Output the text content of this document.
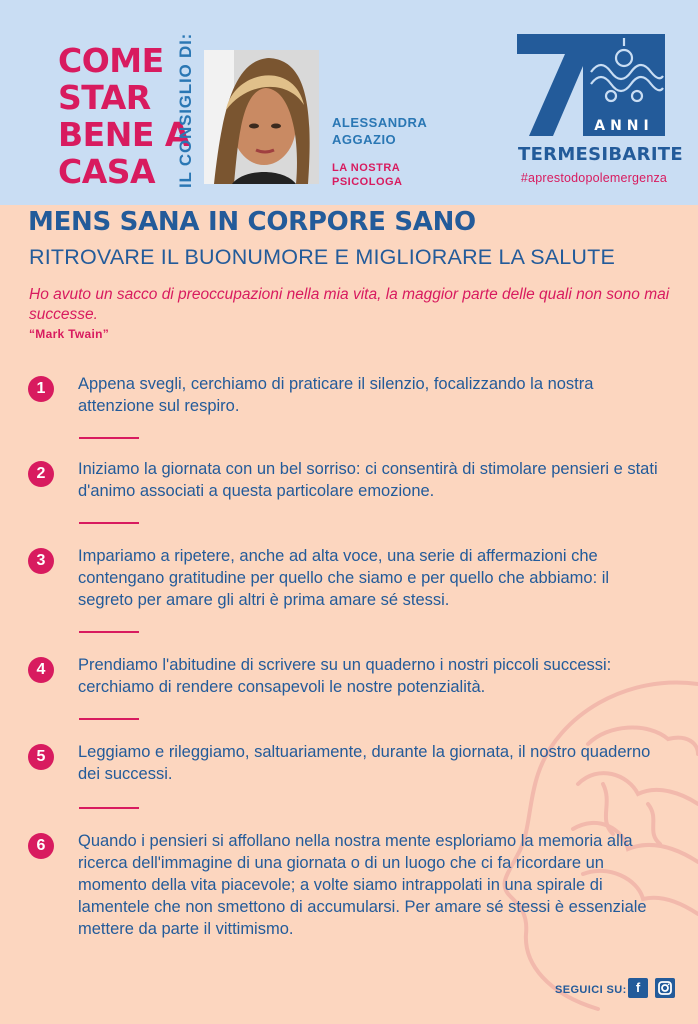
COME
STAR
BENE A
CASA	IL CONSIGLIO DI:	ALESSANDRA
AGGAZIO
LA NOSTRA
PSICOLOGA
ANNI
TERMESIBARITE
#aprestodopolemergenza
MENS SANA IN CORPORE SANO
RITROVARE IL BUONUMORE E MIGLIORARE LA SALUTE
Ho avuto un sacco di preoccupazioni nella mia vita, la maggior parte delle quali non sono mai successe.
“Mark Twain”
1	Appena svegli, cerchiamo di praticare il silenzio, focalizzando la nostra attenzione sul respiro.
2	Iniziamo la giornata con un bel sorriso: ci consentirà di stimolare pensieri e stati d'animo associati a questa particolare emozione.
3	Impariamo a ripetere, anche ad alta voce, una serie di affermazioni che contengano gratitudine per quello che siamo e per quello che abbiamo: il segreto per amare gli altri è prima amare sé stessi.
4	Prendiamo l'abitudine di scrivere su un quaderno i nostri piccoli successi: cerchiamo di rendere consapevoli le nostre potenzialità.
5	Leggiamo e rileggiamo, saltuariamente, durante la giornata, il nostro quaderno dei successi.
6	Quando i pensieri si affollano nella nostra mente esploriamo la memoria alla ricerca dell'immagine di una giornata o di un luogo che ci fa ricordare un momento della vita piacevole; a volte siamo intrappolati in una spirale di lamentele che non smettono di accumularsi. Per amare sé stessi è essenziale mettere da parte il vittimismo.
SEGUICI SU: f
